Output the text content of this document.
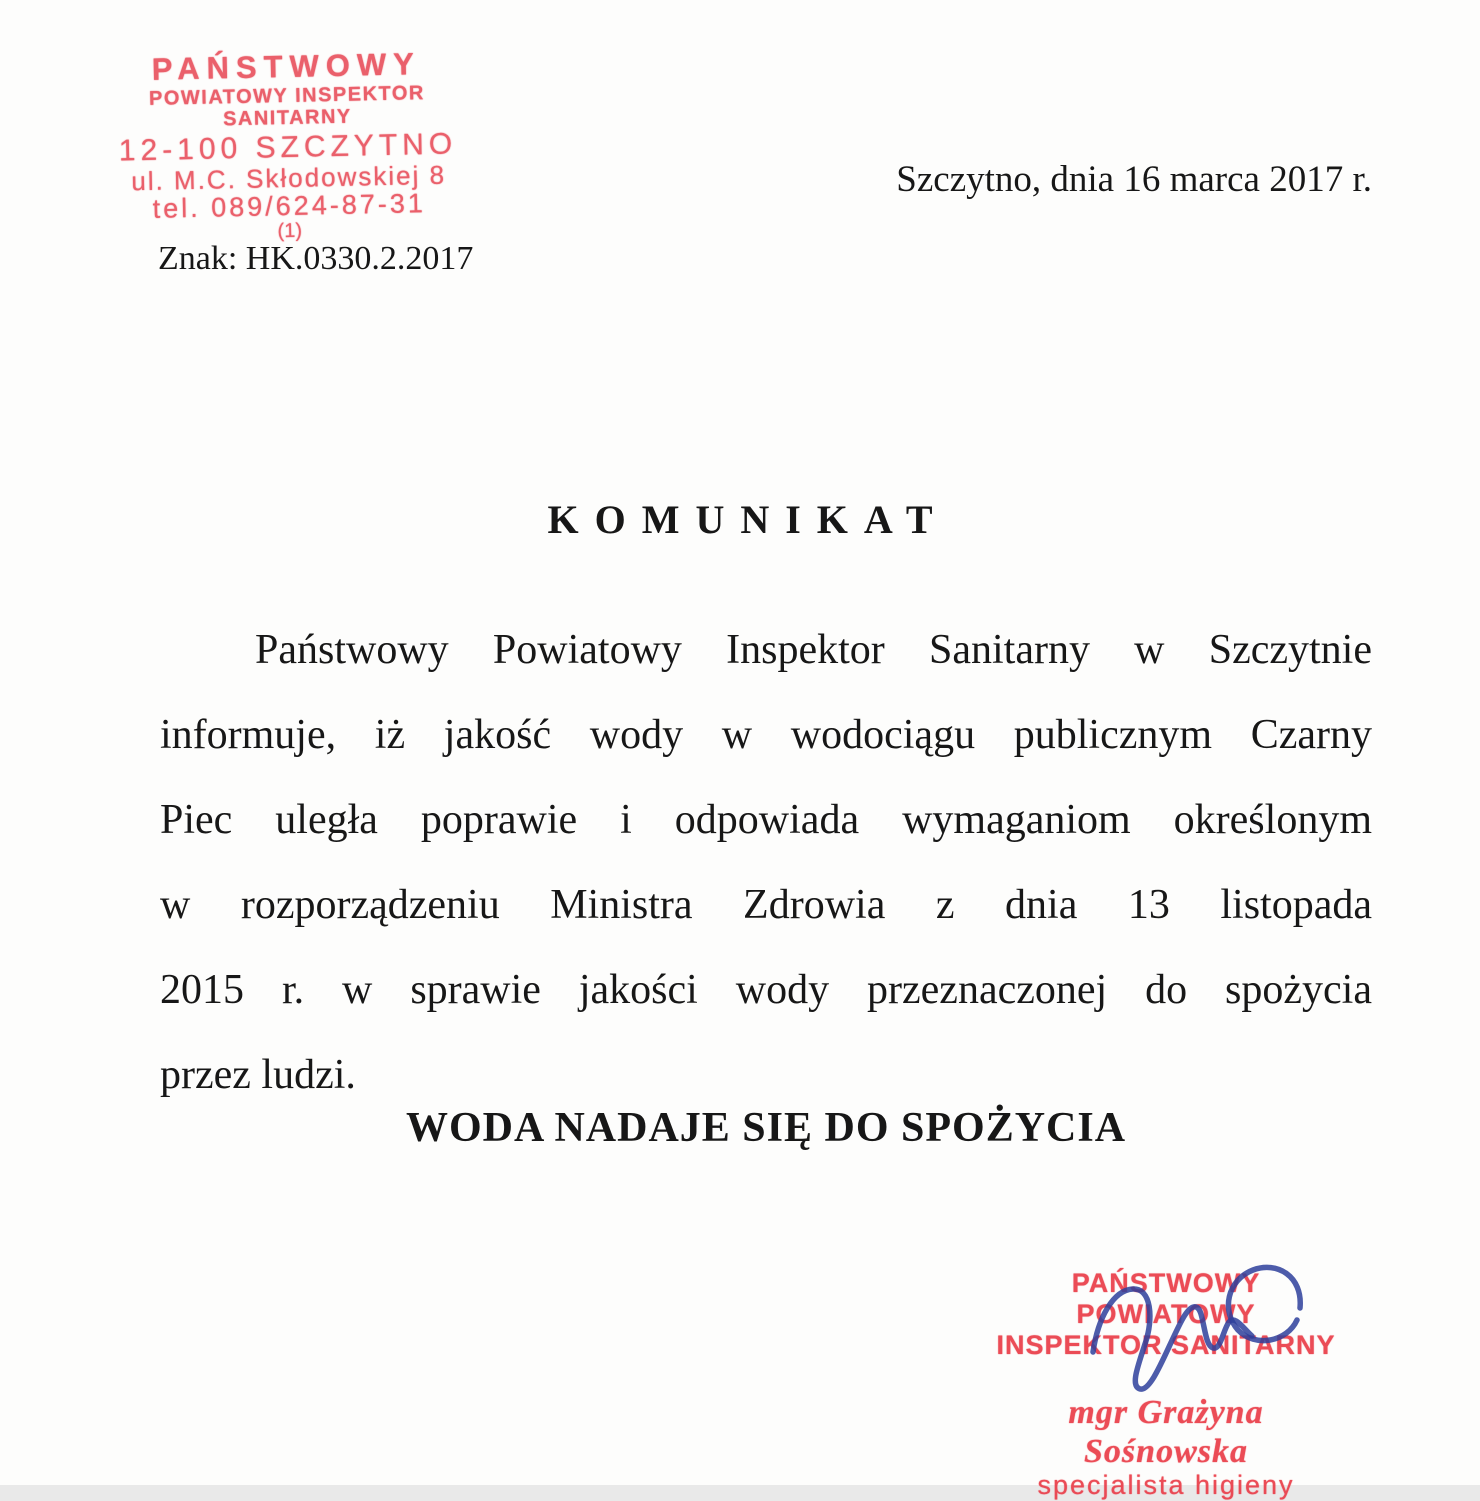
PAŃSTWOWY
POWIATOWY INSPEKTOR SANITARNY
12-100 SZCZYTNO
ul. M.C. Skłodowskiej 8
tel. 089/624-87-31
(1)
Szczytno, dnia 16 marca 2017 r.
Znak: HK.0330.2.2017
KOMUNIKAT
Państwowy Powiatowy Inspektor Sanitarny w Szczytnie
informuje, iż jakość wody w wodociągu publicznym Czarny
Piec uległa poprawie i odpowiada wymaganiom określonym
w rozporządzeniu Ministra Zdrowia z dnia 13 listopada
2015 r. w sprawie jakości wody przeznaczonej do spożycia
przez ludzi.
WODA NADAJE SIĘ DO SPOŻYCIA
PAŃSTWOWY POWIATOWY
INSPEKTOR SANITARNY
mgr Grażyna Sośnowska
specjalista higieny
